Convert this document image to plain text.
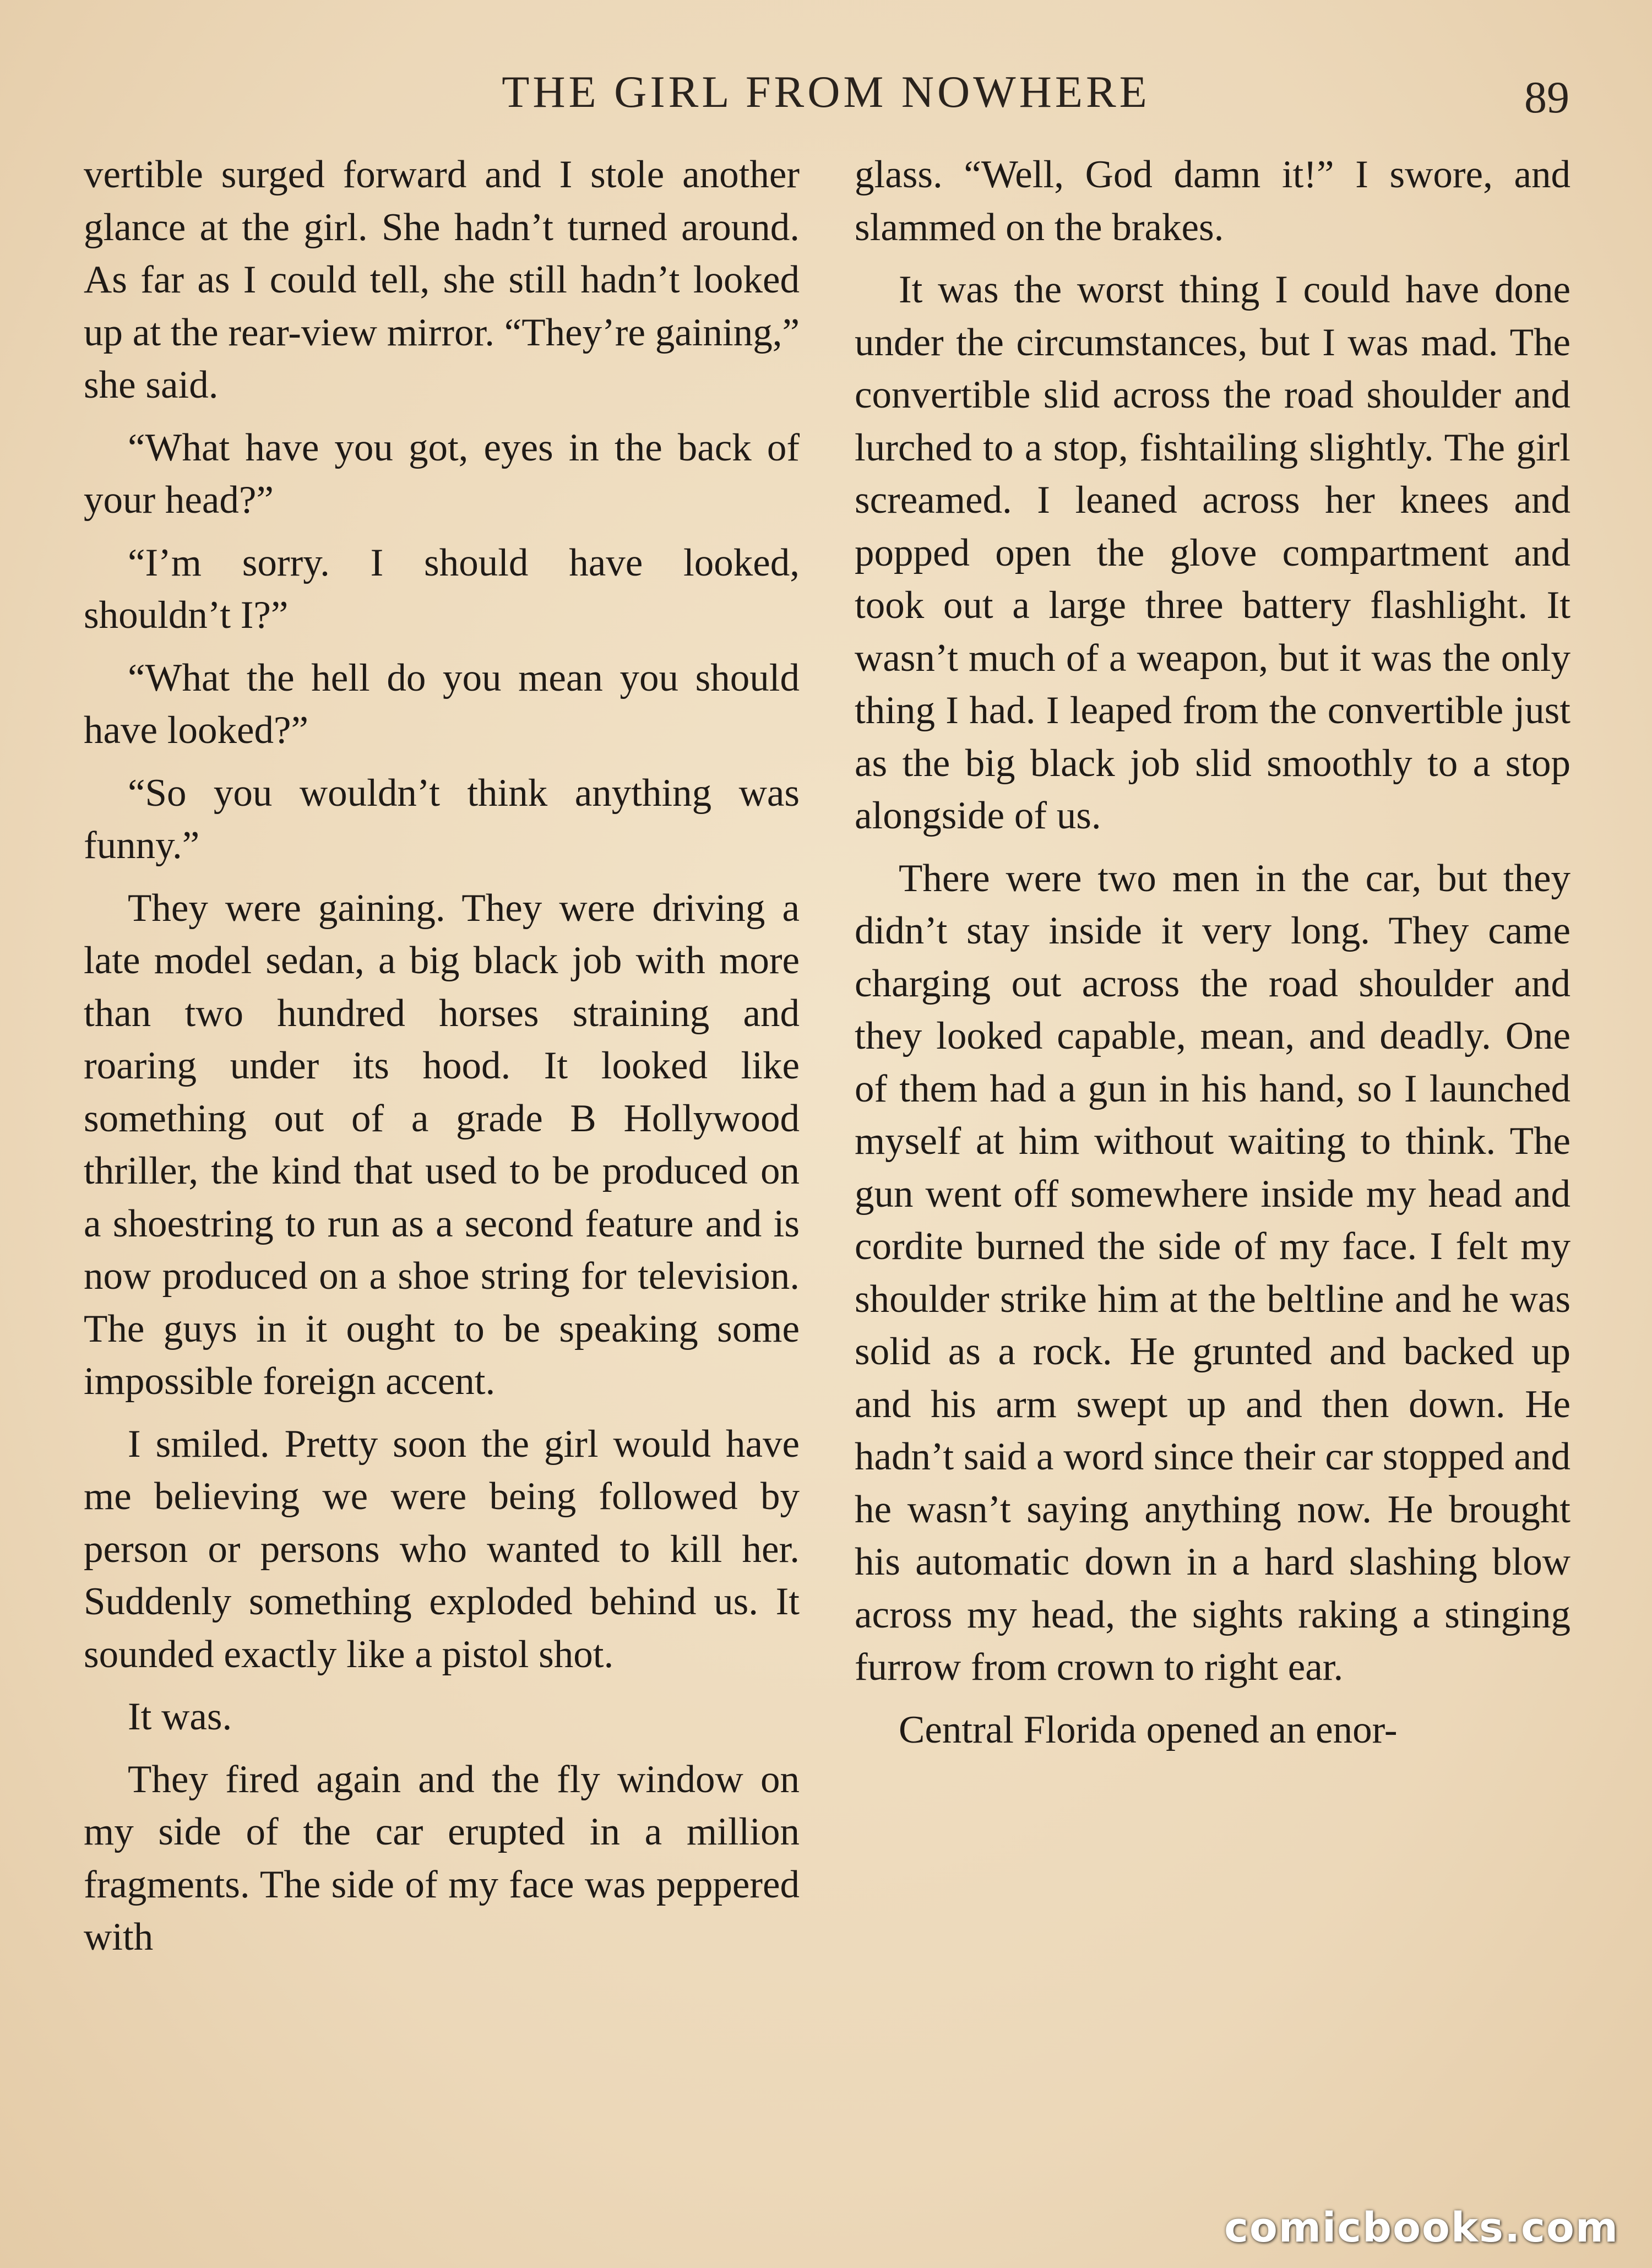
THE GIRL FROM NOWHERE	89

vertible surged forward and I stole another glance at the girl. She hadn’t turned around. As far as I could tell, she still hadn’t looked up at the rear-view mirror. “They’re gaining,” she said.

“What have you got, eyes in the back of your head?”

“I’m sorry. I should have looked, shouldn’t I?”

“What the hell do you mean you should have looked?”

“So you wouldn’t think anything was funny.”

They were gaining. They were driving a late model sedan, a big black job with more than two hundred horses straining and roaring under its hood. It looked like something out of a grade B Hollywood thriller, the kind that used to be produced on a shoestring to run as a second feature and is now produced on a shoe string for television. The guys in it ought to be speaking some impossible foreign accent.

I smiled. Pretty soon the girl would have me believing we were being followed by person or persons who wanted to kill her. Suddenly something exploded behind us. It sounded exactly like a pistol shot.

It was.

They fired again and the fly window on my side of the car erupted in a million fragments. The side of my face was peppered with

glass. “Well, God damn it!” I swore, and slammed on the brakes.

It was the worst thing I could have done under the circumstances, but I was mad. The convertible slid across the road shoulder and lurched to a stop, fishtailing slightly. The girl screamed. I leaned across her knees and popped open the glove compartment and took out a large three battery flashlight. It wasn’t much of a weapon, but it was the only thing I had. I leaped from the convertible just as the big black job slid smoothly to a stop alongside of us.

There were two men in the car, but they didn’t stay inside it very long. They came charging out across the road shoulder and they looked capable, mean, and deadly. One of them had a gun in his hand, so I launched myself at him without waiting to think. The gun went off somewhere inside my head and cordite burned the side of my face. I felt my shoulder strike him at the beltline and he was solid as a rock. He grunted and backed up and his arm swept up and then down. He hadn’t said a word since their car stopped and he wasn’t saying anything now. He brought his automatic down in a hard slashing blow across my head, the sights raking a stinging furrow from crown to right ear.

Central Florida opened an enor-

comicbooks.com
